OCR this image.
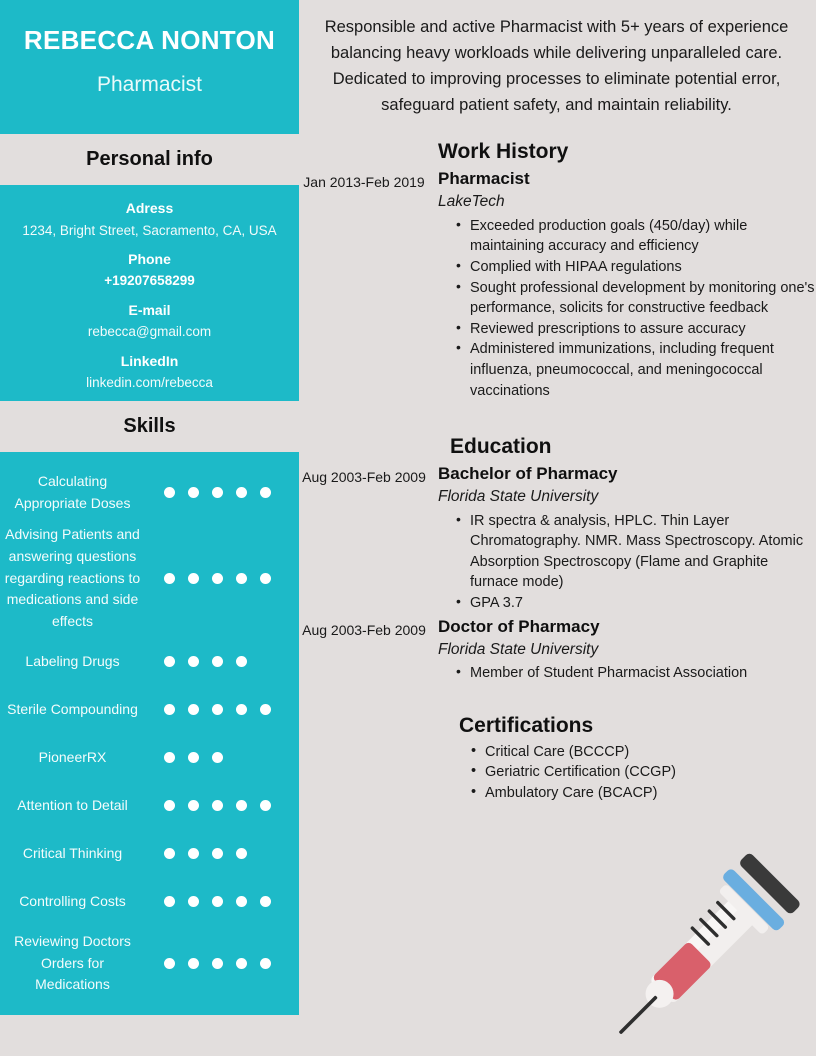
REBECCA NONTON
Pharmacist
Personal info
Adress
1234, Bright Street, Sacramento, CA, USA
Phone
+19207658299
E-mail
rebecca@gmail.com
LinkedIn
linkedin.com/rebecca
Skills
Calculating Appropriate Doses
Advising Patients and answering questions regarding reactions to medications and side effects
Labeling Drugs
Sterile Compounding
PioneerRX
Attention to Detail
Critical Thinking
Controlling Costs
Reviewing Doctors Orders for Medications
Responsible and active Pharmacist with 5+ years of experience balancing heavy workloads while delivering unparalleled care. Dedicated to improving processes to eliminate potential error, safeguard patient safety, and maintain reliability.
Work History
Jan 2013-Feb 2019 Pharmacist
LakeTech
• Exceeded production goals (450/day) while maintaining accuracy and efficiency
• Complied with HIPAA regulations
• Sought professional development by monitoring one's performance, solicits for constructive feedback
• Reviewed prescriptions to assure accuracy
• Administered immunizations, including frequent influenza, pneumococcal, and meningococcal vaccinations
Education
Aug 2003-Feb 2009 Bachelor of Pharmacy
Florida State University
• IR spectra & analysis, HPLC. Thin Layer Chromatography. NMR. Mass Spectroscopy. Atomic Absorption Spectroscopy (Flame and Graphite furnace mode)
• GPA 3.7
Aug 2003-Feb 2009 Doctor of Pharmacy
Florida State University
• Member of Student Pharmacist Association
Certifications
• Critical Care (BCCCP)
• Geriatric Certification (CCGP)
• Ambulatory Care (BCACP)
